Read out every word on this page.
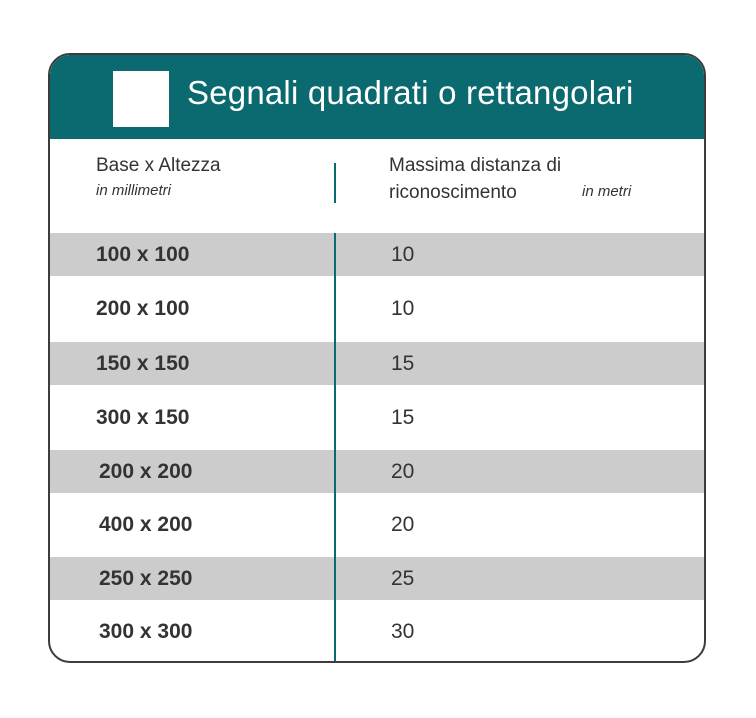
Segnali quadrati o rettangolari
Base x Altezza
in millimetri
Massima distanza di
riconoscimento	in metri
100 x 100	10
200 x 100	10
150 x 150	15
300 x 150	15
200 x 200	20
400 x 200	20
250 x 250	25
300 x 300	30
